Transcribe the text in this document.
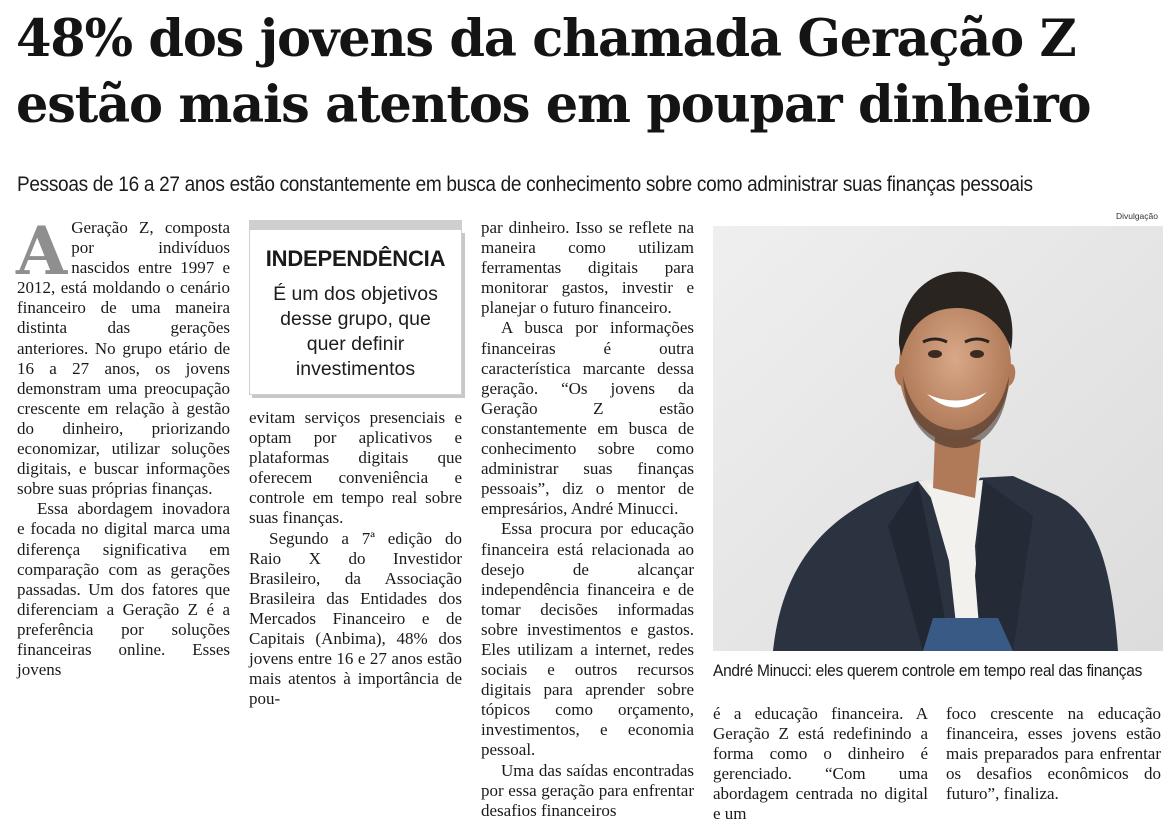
48% dos jovens da chamada Geração Z
estão mais atentos em poupar dinheiro
Pessoas de 16 a 27 anos estão constantemente em busca de conhecimento sobre como administrar suas finanças pessoais
Divulgação

A Geração Z, composta por indivíduos nascidos entre 1997 e 2012, está moldando o cenário financeiro de uma maneira distinta das gerações anteriores. No grupo etário de 16 a 27 anos, os jovens demonstram uma preocupação crescente em relação à gestão do dinheiro, priorizando economizar, utilizar soluções digitais, e buscar informações sobre suas próprias finanças.

Essa abordagem inovadora e focada no digital marca uma diferença significativa em comparação com as gerações passadas. Um dos fatores que diferenciam a Geração Z é a preferência por soluções financeiras online. Esses jovens

INDEPENDÊNCIA
É um dos objetivos desse grupo, que quer definir investimentos

evitam serviços presenciais e optam por aplicativos e plataformas digitais que oferecem conveniência e controle em tempo real sobre suas finanças.

Segundo a 7ª edição do Raio X do Investidor Brasileiro, da Associação Brasileira das Entidades dos Mercados Financeiro e de Capitais (Anbima), 48% dos jovens entre 16 e 27 anos estão mais atentos à importância de pou-

par dinheiro. Isso se reflete na maneira como utilizam ferramentas digitais para monitorar gastos, investir e planejar o futuro financeiro.

A busca por informações financeiras é outra característica marcante dessa geração. “Os jovens da Geração Z estão constantemente em busca de conhecimento sobre como administrar suas finanças pessoais”, diz o mentor de empresários, André Minucci.

Essa procura por educação financeira está relacionada ao desejo de alcançar independência financeira e de tomar decisões informadas sobre investimentos e gastos. Eles utilizam a internet, redes sociais e outros recursos digitais para aprender sobre tópicos como orçamento, investimentos, e economia pessoal.

Uma das saídas encontradas por essa geração para enfrentar desafios financeiros

André Minucci: eles querem controle em tempo real das finanças

é a educação financeira. A Geração Z está redefinindo a forma como o dinheiro é gerenciado. “Com uma abordagem centrada no digital e um

foco crescente na educação financeira, esses jovens estão mais preparados para enfrentar os desafios econômicos do futuro”, finaliza.
